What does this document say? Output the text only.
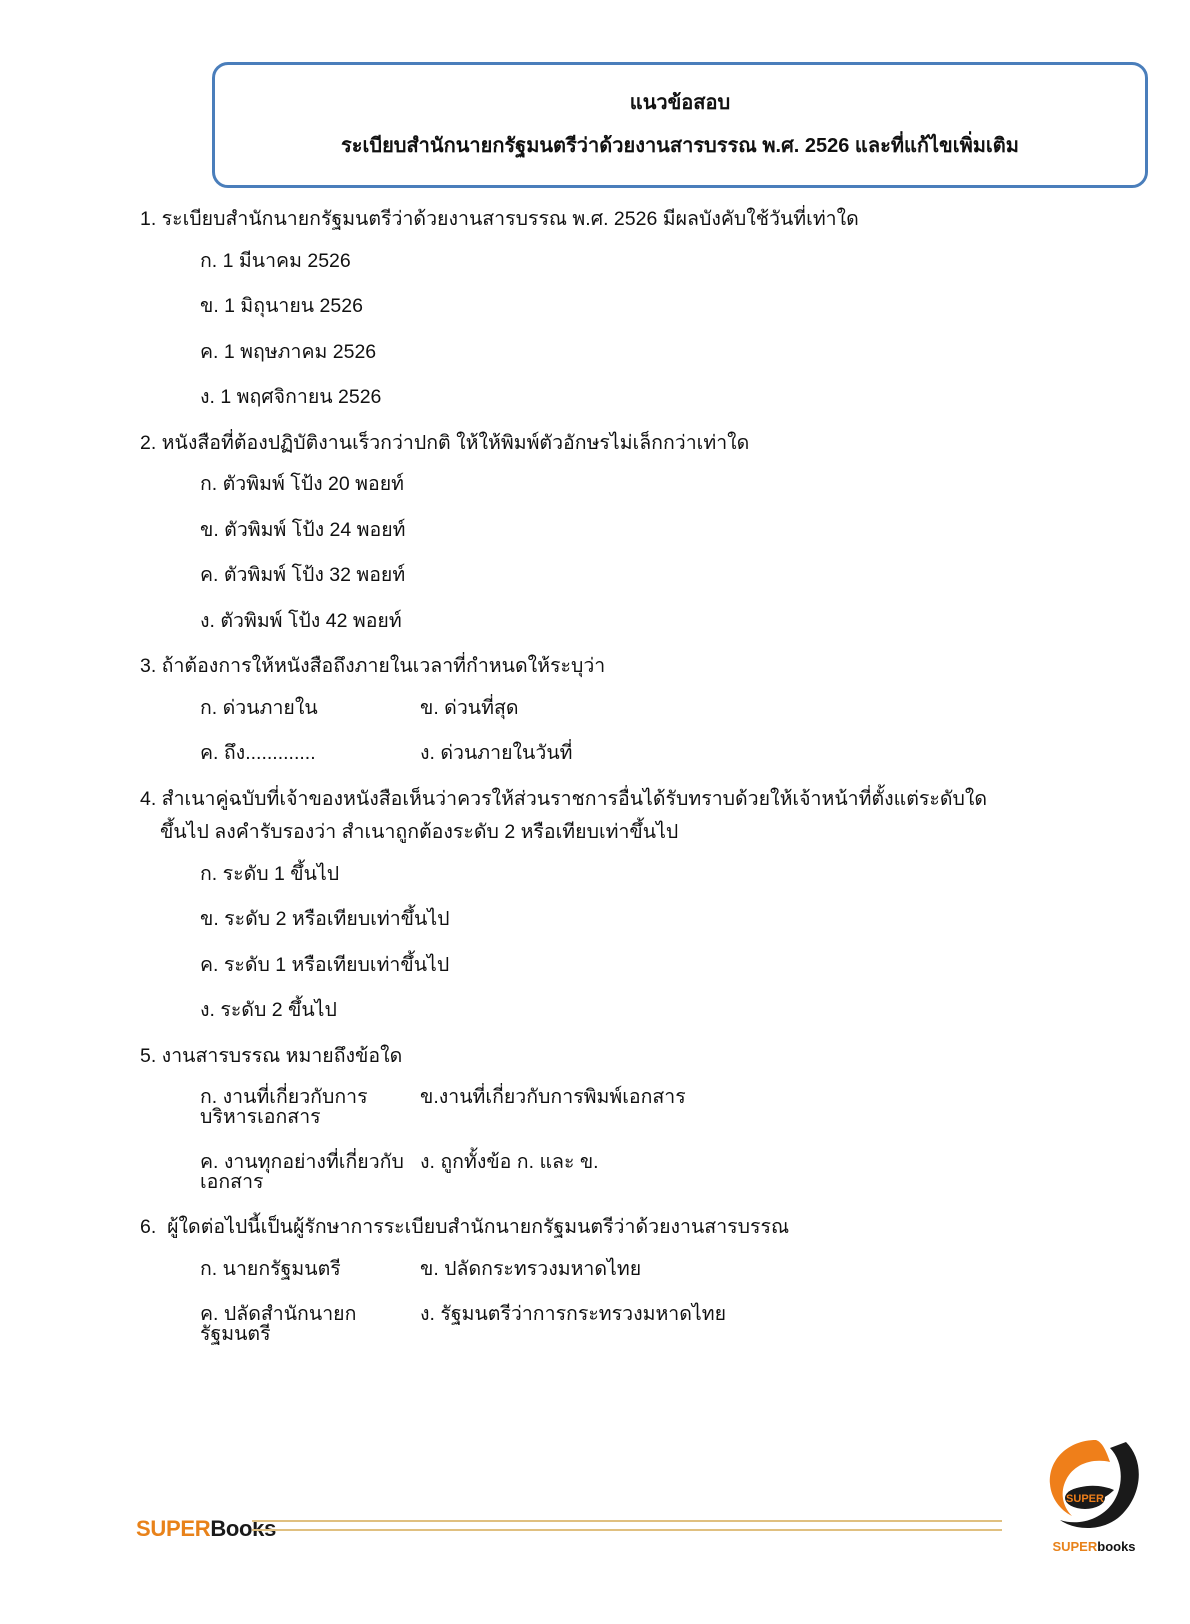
แนวข้อสอบ
ระเบียบสำนักนายกรัฐมนตรีว่าด้วยงานสารบรรณ พ.ศ. 2526 และที่แก้ไขเพิ่มเติม
1. ระเบียบสำนักนายกรัฐมนตรีว่าด้วยงานสารบรรณ พ.ศ. 2526 มีผลบังคับใช้วันที่เท่าใด
ก. 1 มีนาคม 2526
ข. 1 มิถุนายน 2526
ค. 1 พฤษภาคม 2526
ง. 1 พฤศจิกายน 2526
2. หนังสือที่ต้องปฏิบัติงานเร็วกว่าปกติ ให้ให้พิมพ์ตัวอักษรไม่เล็กกว่าเท่าใด
ก. ตัวพิมพ์ โป้ง 20 พอยท์
ข. ตัวพิมพ์ โป้ง 24 พอยท์
ค. ตัวพิมพ์ โป้ง 32 พอยท์
ง. ตัวพิมพ์ โป้ง 42 พอยท์
3. ถ้าต้องการให้หนังสือถึงภายในเวลาที่กำหนดให้ระบุว่า
ก. ด่วนภายใน	ข. ด่วนที่สุด
ค. ถึง.............	ง. ด่วนภายในวันที่
4. สำเนาคู่ฉบับที่เจ้าของหนังสือเห็นว่าควรให้ส่วนราชการอื่นได้รับทราบด้วยให้เจ้าหน้าที่ตั้งแต่ระดับใด
ขึ้นไป ลงคำรับรองว่า สำเนาถูกต้องระดับ 2 หรือเทียบเท่าขึ้นไป
ก. ระดับ 1 ขึ้นไป
ข. ระดับ 2 หรือเทียบเท่าขึ้นไป
ค. ระดับ 1 หรือเทียบเท่าขึ้นไป
ง. ระดับ 2 ขึ้นไป
5. งานสารบรรณ หมายถึงข้อใด
ก. งานที่เกี่ยวกับการบริหารเอกสาร
ข.งานที่เกี่ยวกับการพิมพ์เอกสาร
ค. งานทุกอย่างที่เกี่ยวกับเอกสาร
ง. ถูกทั้งข้อ ก. และ ข.
6.  ผู้ใดต่อไปนี้เป็นผู้รักษาการระเบียบสำนักนายกรัฐมนตรีว่าด้วยงานสารบรรณ
ก. นายกรัฐมนตรี	ข. ปลัดกระทรวงมหาดไทย
ค. ปลัดสำนักนายกรัฐมนตรี
ง. รัฐมนตรีว่าการกระทรวงมหาดไทย
SUPERBooks
SUPER
SUPERbooks
